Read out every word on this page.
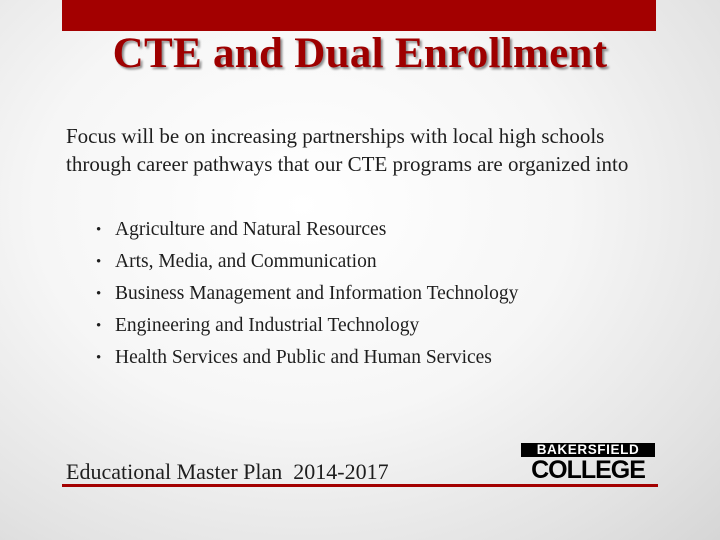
CTE and Dual Enrollment
Focus will be on increasing partnerships with local high schools through career pathways that our CTE programs are organized into
• Agriculture and Natural Resources
• Arts, Media, and Communication
• Business Management and Information Technology
• Engineering and Industrial Technology
• Health Services and Public and Human Services
Educational Master Plan  2014-2017
BAKERSFIELD
COLLEGE
